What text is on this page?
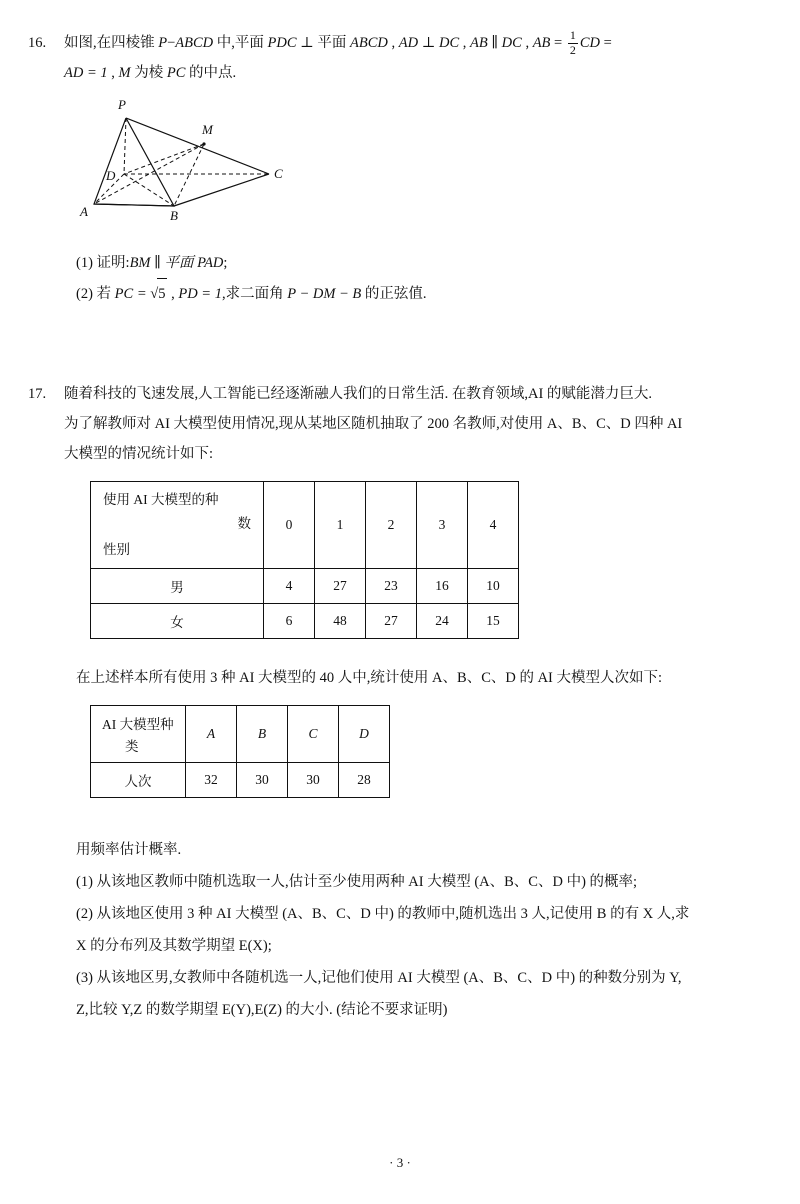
16.	如图,在四棱锥 P−ABCD 中,平面 PDC ⊥ 平面 ABCD , AD ⊥ DC , AB ∥ DC , AB = $\frac{1}{2}$ CD =
AD = 1 , M 为棱 PC 的中点.
P
M
D	C
A	B
(1) 证明:BM ∥ 平面 PAD;
(2) 若 PC = √5 , PD = 1,求二面角 P − DM − B 的正弦值.
17.	随着科技的飞速发展,人工智能已经逐渐融人我们的日常生活. 在教育领域,AI 的赋能潜力巨大.
为了解教师对 AI 大模型使用情况,现从某地区随机抽取了 200 名教师,对使用 A、B、C、D 四种 AI
大模型的情况统计如下:
使用 AI 大模型的种
数
性别	0	1	2	3	4
男	4	27	23	16	10
女	6	48	27	24	15
在上述样本所有使用 3 种 AI 大模型的 40 人中,统计使用 A、B、C、D 的 AI 大模型人次如下:
AI 大模型种
类	A	B	C	D
人次	32	30	30	28
用频率估计概率.
(1) 从该地区教师中随机选取一人,估计至少使用两种 AI 大模型 (A、B、C、D 中) 的概率;
(2) 从该地区使用 3 种 AI 大模型 (A、B、C、D 中) 的教师中,随机选出 3 人,记使用 B 的有 X 人,求
X 的分布列及其数学期望 E(X);
(3) 从该地区男,女教师中各随机选一人,记他们使用 AI 大模型 (A、B、C、D 中) 的种数分别为 Y,
Z,比较 Y,Z 的数学期望 E(Y),E(Z) 的大小. (结论不要求证明)
· 3 ·
